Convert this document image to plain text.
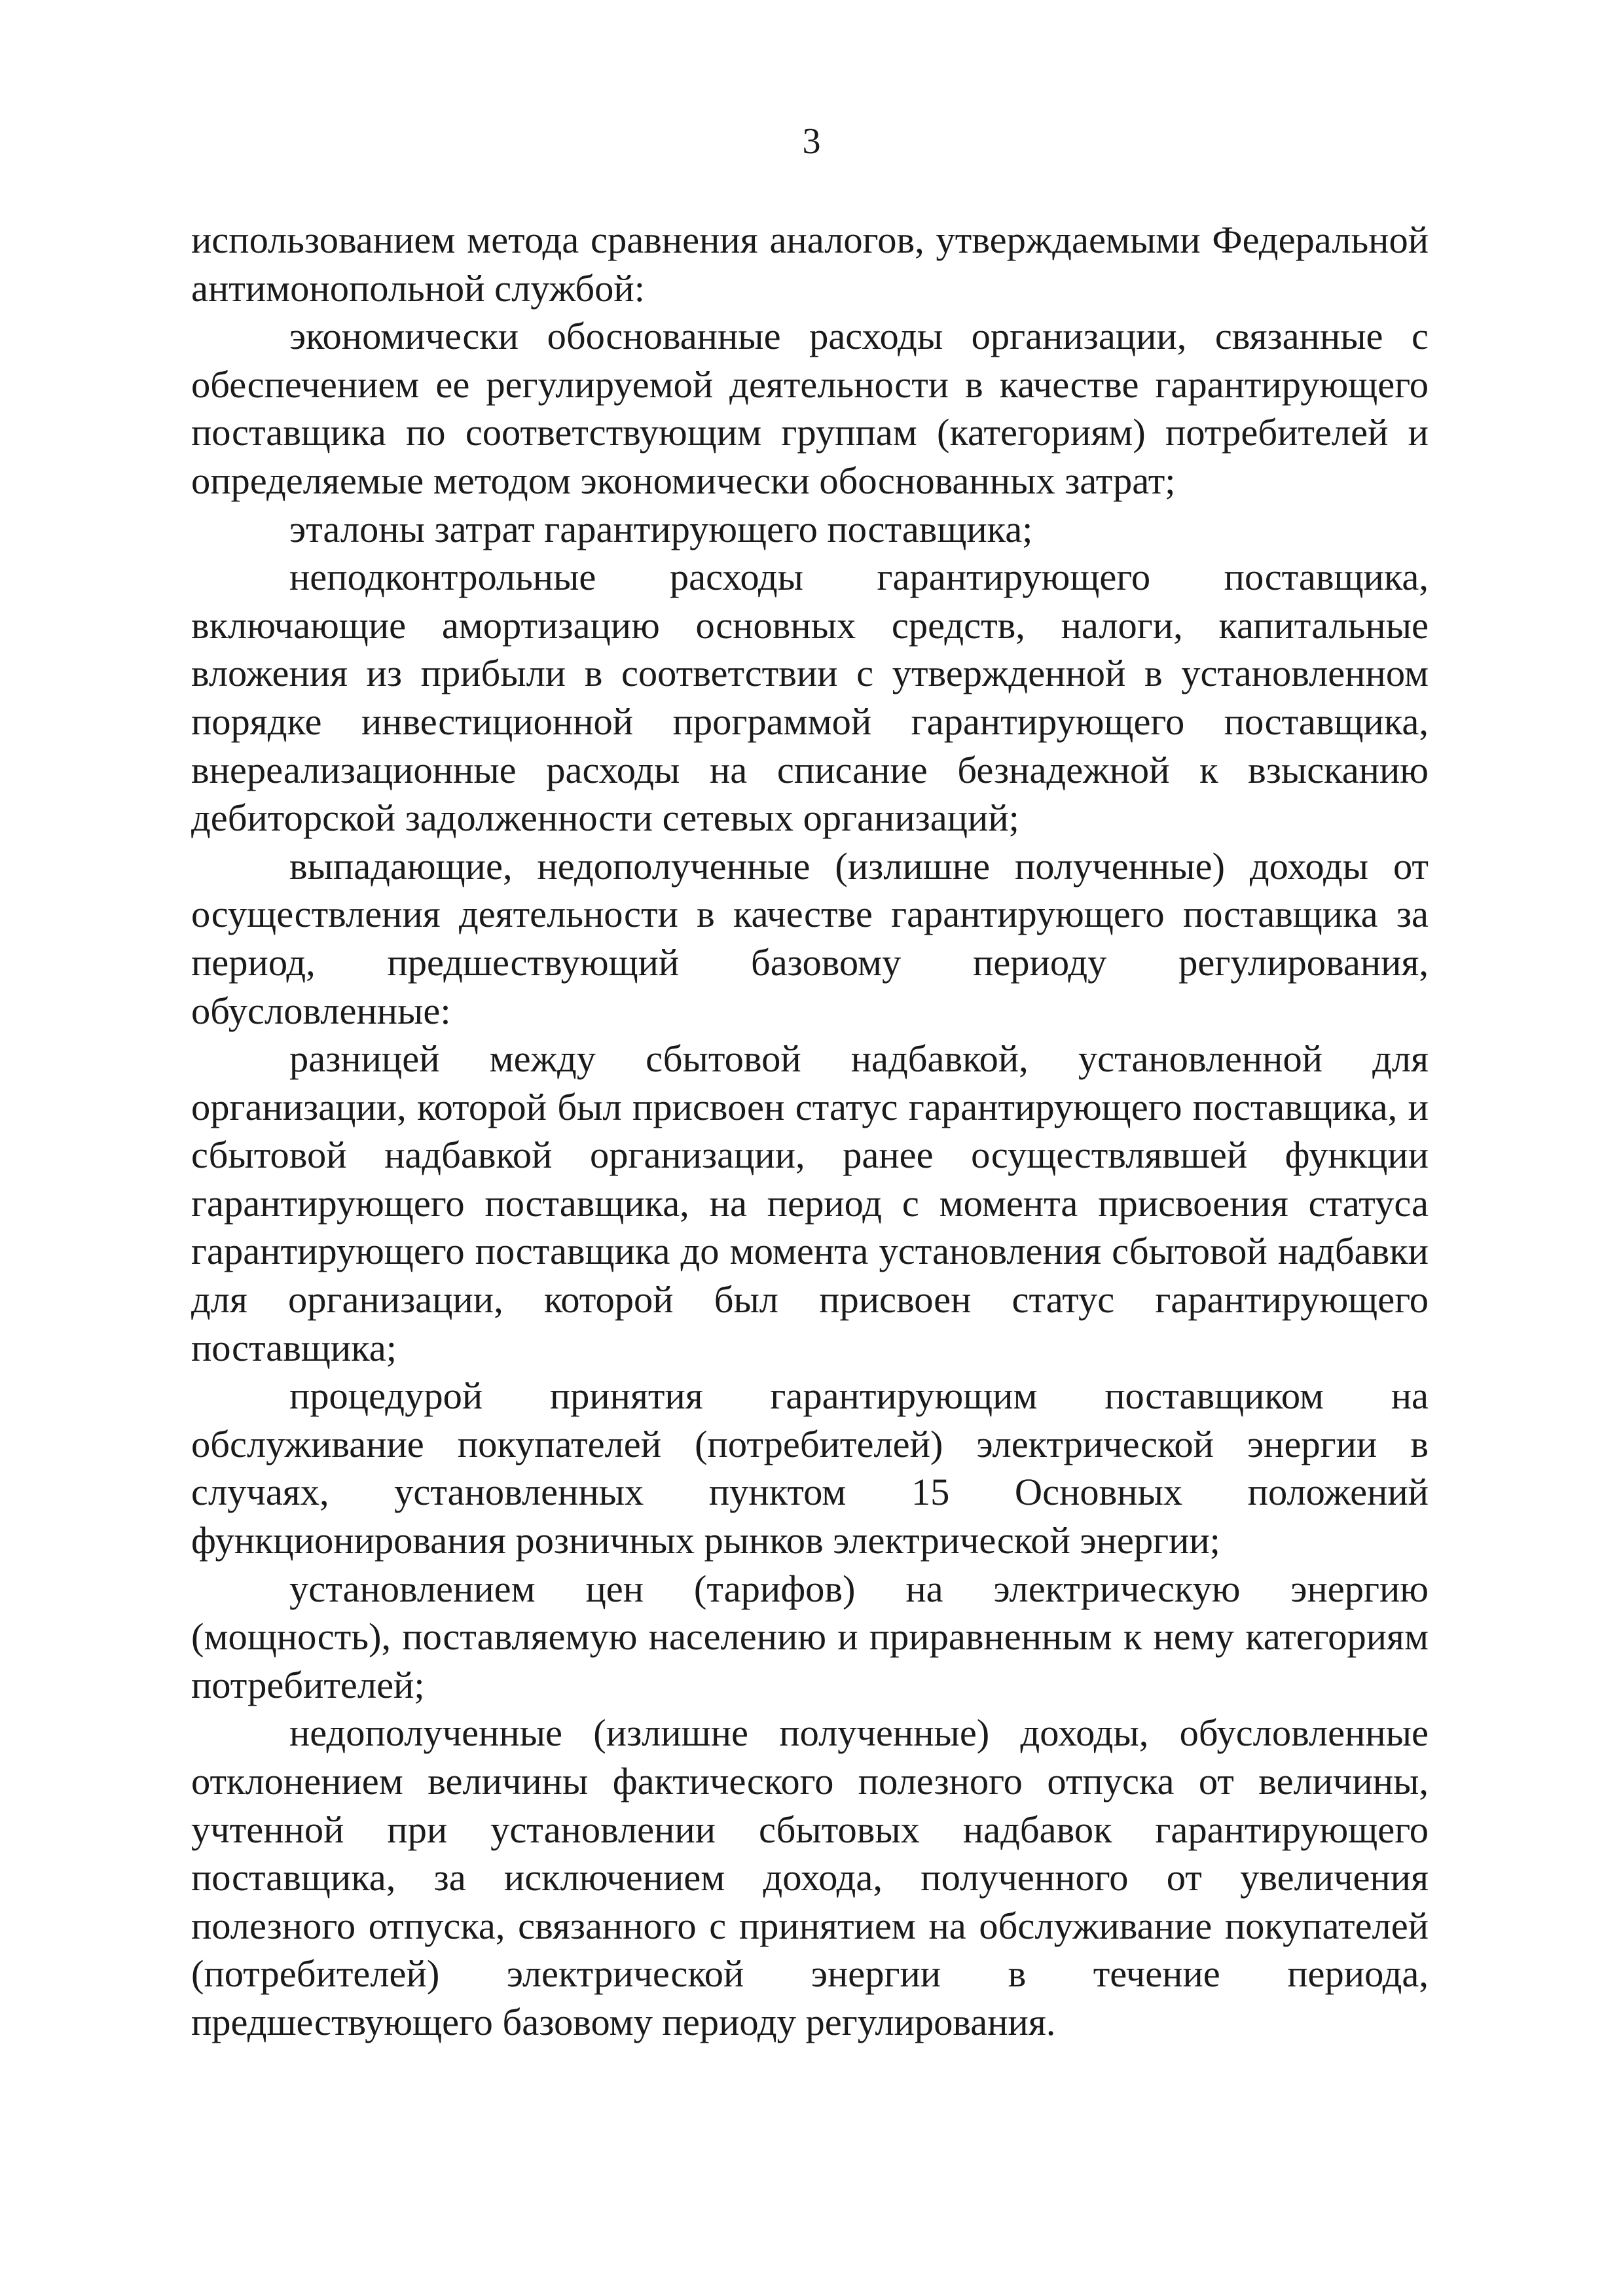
3

использованием метода сравнения аналогов, утверждаемыми Федеральной антимонопольной службой:

экономически обоснованные расходы организации, связанные с обеспечением ее регулируемой деятельности в качестве гарантирующего поставщика по соответствующим группам (категориям) потребителей и определяемые методом экономически обоснованных затрат;

эталоны затрат гарантирующего поставщика;

неподконтрольные расходы гарантирующего поставщика, включающие амортизацию основных средств, налоги, капитальные вложения из прибыли в соответствии с утвержденной в установленном порядке инвестиционной программой гарантирующего поставщика, внереализационные расходы на списание безнадежной к взысканию дебиторской задолженности сетевых организаций;

выпадающие, недополученные (излишне полученные) доходы от осуществления деятельности в качестве гарантирующего поставщика за период, предшествующий базовому периоду регулирования, обусловленные:

разницей между сбытовой надбавкой, установленной для организации, которой был присвоен статус гарантирующего поставщика, и сбытовой надбавкой организации, ранее осуществлявшей функции гарантирующего поставщика, на период с момента присвоения статуса гарантирующего поставщика до момента установления сбытовой надбавки для организации, которой был присвоен статус гарантирующего поставщика;

процедурой принятия гарантирующим поставщиком на обслуживание покупателей (потребителей) электрической энергии в случаях, установленных пунктом 15 Основных положений функционирования розничных рынков электрической энергии;

установлением цен (тарифов) на электрическую энергию (мощность), поставляемую населению и приравненным к нему категориям потребителей;

недополученные (излишне полученные) доходы, обусловленные отклонением величины фактического полезного отпуска от величины, учтенной при установлении сбытовых надбавок гарантирующего поставщика, за исключением дохода, полученного от увеличения полезного отпуска, связанного с принятием на обслуживание покупателей (потребителей) электрической энергии в течение периода, предшествующего базовому периоду регулирования.
